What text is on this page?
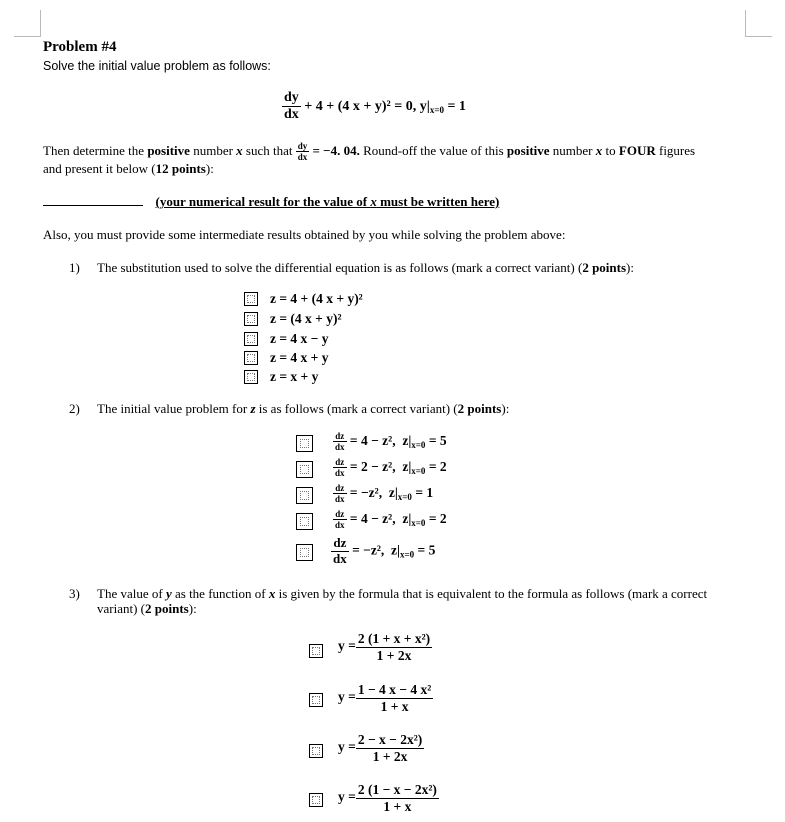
Problem #4
Solve the initial value problem as follows:
$\frac{dy}{dx} + 4 + (4$ x + y)² = 0, $y|_{x=0} = 1$
Then determine the positive number x such that $\frac{dy}{dx} = -4$. 04. Round-off the value of this positive number x to FOUR figures
and present it below (12 points):
(your numerical result for the value of x must be written here)
Also, you must provide some intermediate results obtained by you while solving the problem above:
1) The substitution used to solve the differential equation is as follows (mark a correct variant) (2 points):
z = 4 + (4 x + y)²
z = (4 x + y)²
z = 4 x − y
z = 4 x + y
z = x + y
2) The initial value problem for z is as follows (mark a correct variant) (2 points):
$\frac{dz}{dx} = 4 - z^2$,  $z|_{x=0} = 5$
$\frac{dz}{dx} = 2 - z^2$,  $z|_{x=0} = 2$
$\frac{dz}{dx} = -z^2$,  $z|_{x=0} = 1$
$\frac{dz}{dx} = 4 - z^2$,  $z|_{x=0} = 2$
$\frac{dz}{dx} = -z^2$,  $z|_{x=0} = 5$
3) The value of y as the function of x is given by the formula that is equivalent to the formula as follows (mark a correct
variant) (2 points):
$y = \frac{\text{2 (1 + x + x²)}}{1 + 2x}$
$y = \frac{\text{1 − 4 x − 4 x²}}{1 + x}$
$y = \frac{\text{2 − x − 2x²)}}{1 + 2x}$
$y = \frac{\text{2 (1 − x − 2x²)}}{1 + x}$
